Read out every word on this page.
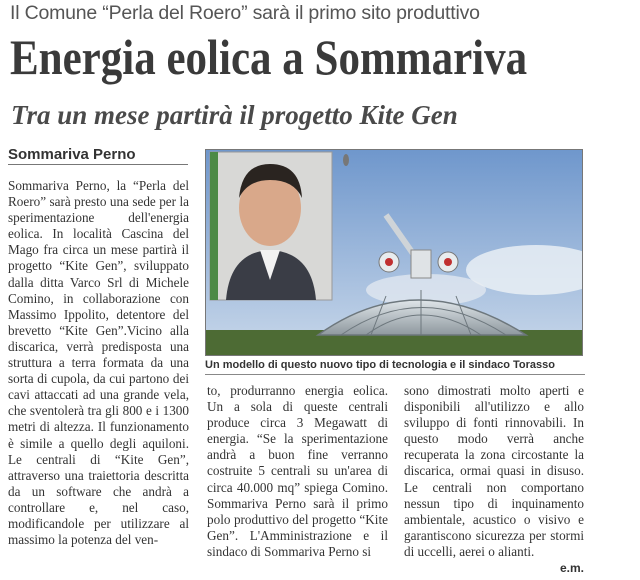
Il Comune “Perla del Roero” sarà il primo sito produttivo
Energia eolica a Sommariva
Tra un mese partirà il progetto Kite Gen
Sommariva Perno

Sommariva Perno, la “Perla del Roero” sarà presto una sede per la sperimentazione dell'energia eolica. In località Cascina del Mago fra circa un mese partirà il progetto “Kite Gen”, sviluppato dalla ditta Varco Srl di Michele Comino, in collaborazione con Massimo Ippolito, detentore del brevetto “Kite Gen”.Vicino alla discarica, verrà predisposta una struttura a terra formata da una sorta di cupola, da cui partono dei cavi attaccati ad una grande vela, che sventolerà tra gli 800 e i 1300 metri di altezza. Il funzionamento è simile a quello degli aquiloni. Le centrali di “Kite Gen”, attraverso una traiettoria descritta da un software che andrà a controllare e, nel caso, modificandole per utilizzare al massimo la potenza del ven-

Un modello di questo nuovo tipo di tecnologia e il sindaco Torasso

to, produrranno energia eolica. Un a sola di queste centrali produce circa 3 Megawatt di energia. “Se la sperimentazione andrà a buon fine verranno costruite 5 centrali su un'area di circa 40.000 mq” spiega Comino. Sommariva Perno sarà il primo polo produttivo del progetto “Kite Gen”. L'Amministrazione e il sindaco di Sommariva Perno si

sono dimostrati molto aperti e disponibili all'utilizzo e allo sviluppo di fonti rinnovabili. In questo modo verrà anche recuperata la zona circostante la discarica, ormai quasi in disuso. Le centrali non comportano nessun tipo di inquinamento ambientale, acustico o visivo e garantiscono sicurezza per stormi di uccelli, aerei o alianti.

e.m.
